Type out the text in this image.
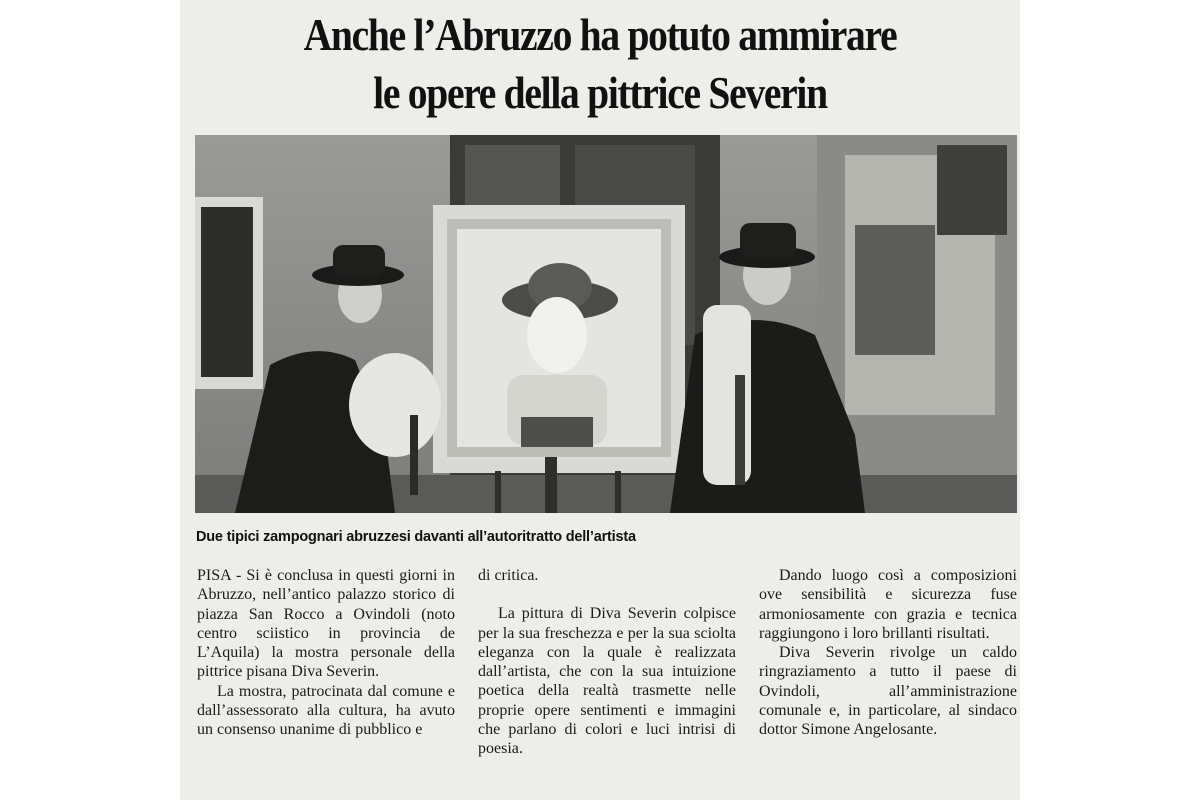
Anche l’Abruzzo ha potuto ammirare
le opere della pittrice Severin

Due tipici zampognari abruzzesi davanti all’autoritratto dell’artista

PISA - Si è conclusa in questi giorni in Abruzzo, nell’antico palazzo storico di piazza San Rocco a Ovindoli (noto centro sciistico in provincia de L’Aquila) la mostra personale della pittrice pisana Diva Severin.

La mostra, patrocinata dal comune e dall’assessorato alla cultura, ha avuto un consenso unanime di pubblico e

di critica.

La pittura di Diva Severin colpisce per la sua freschezza e per la sua sciolta eleganza con la quale è realizzata dall’artista, che con la sua intuizione poetica della realtà trasmette nelle proprie opere sentimenti e immagini che parlano di colori e luci intrisi di poesia.

Dando luogo così a composizioni ove sensibilità e sicurezza fuse armoniosamente con grazia e tecnica raggiungono i loro brillanti risultati.

Diva Severin rivolge un caldo ringraziamento a tutto il paese di Ovindoli, all’amministrazione comunale e, in particolare, al sindaco dottor Simone Angelosante.
